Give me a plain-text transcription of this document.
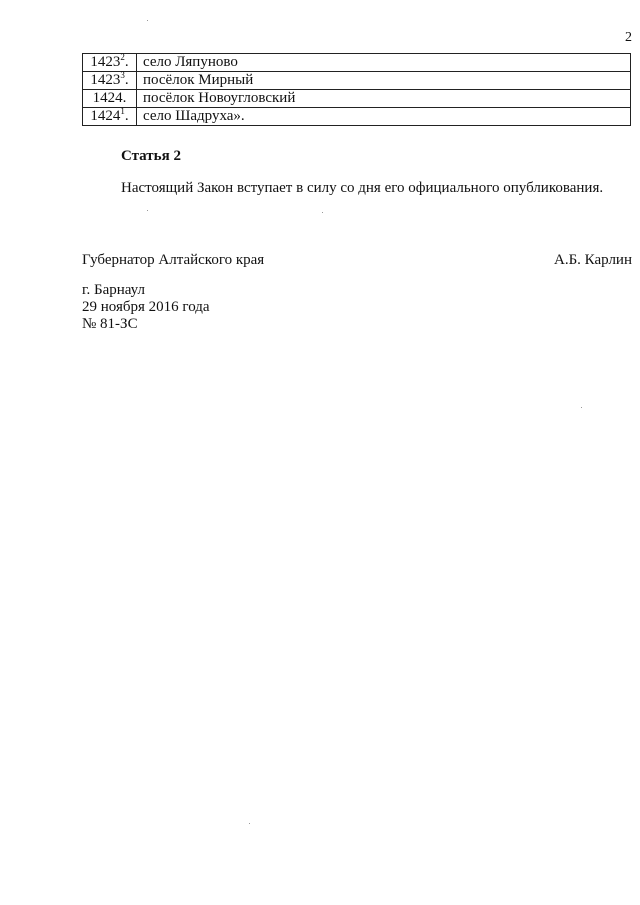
2
1423$^2$.	село Ляпуново
1423$^3$.	посёлок Мирный
1424.	посёлок Новоугловский
1424$^1$.	село Шадруха».
Статья 2
Настоящий Закон вступает в силу со дня его официального опубликования.
Губернатор Алтайского края	А.Б. Карлин
г. Барнаул
29 ноября 2016 года
№ 81-ЗС
